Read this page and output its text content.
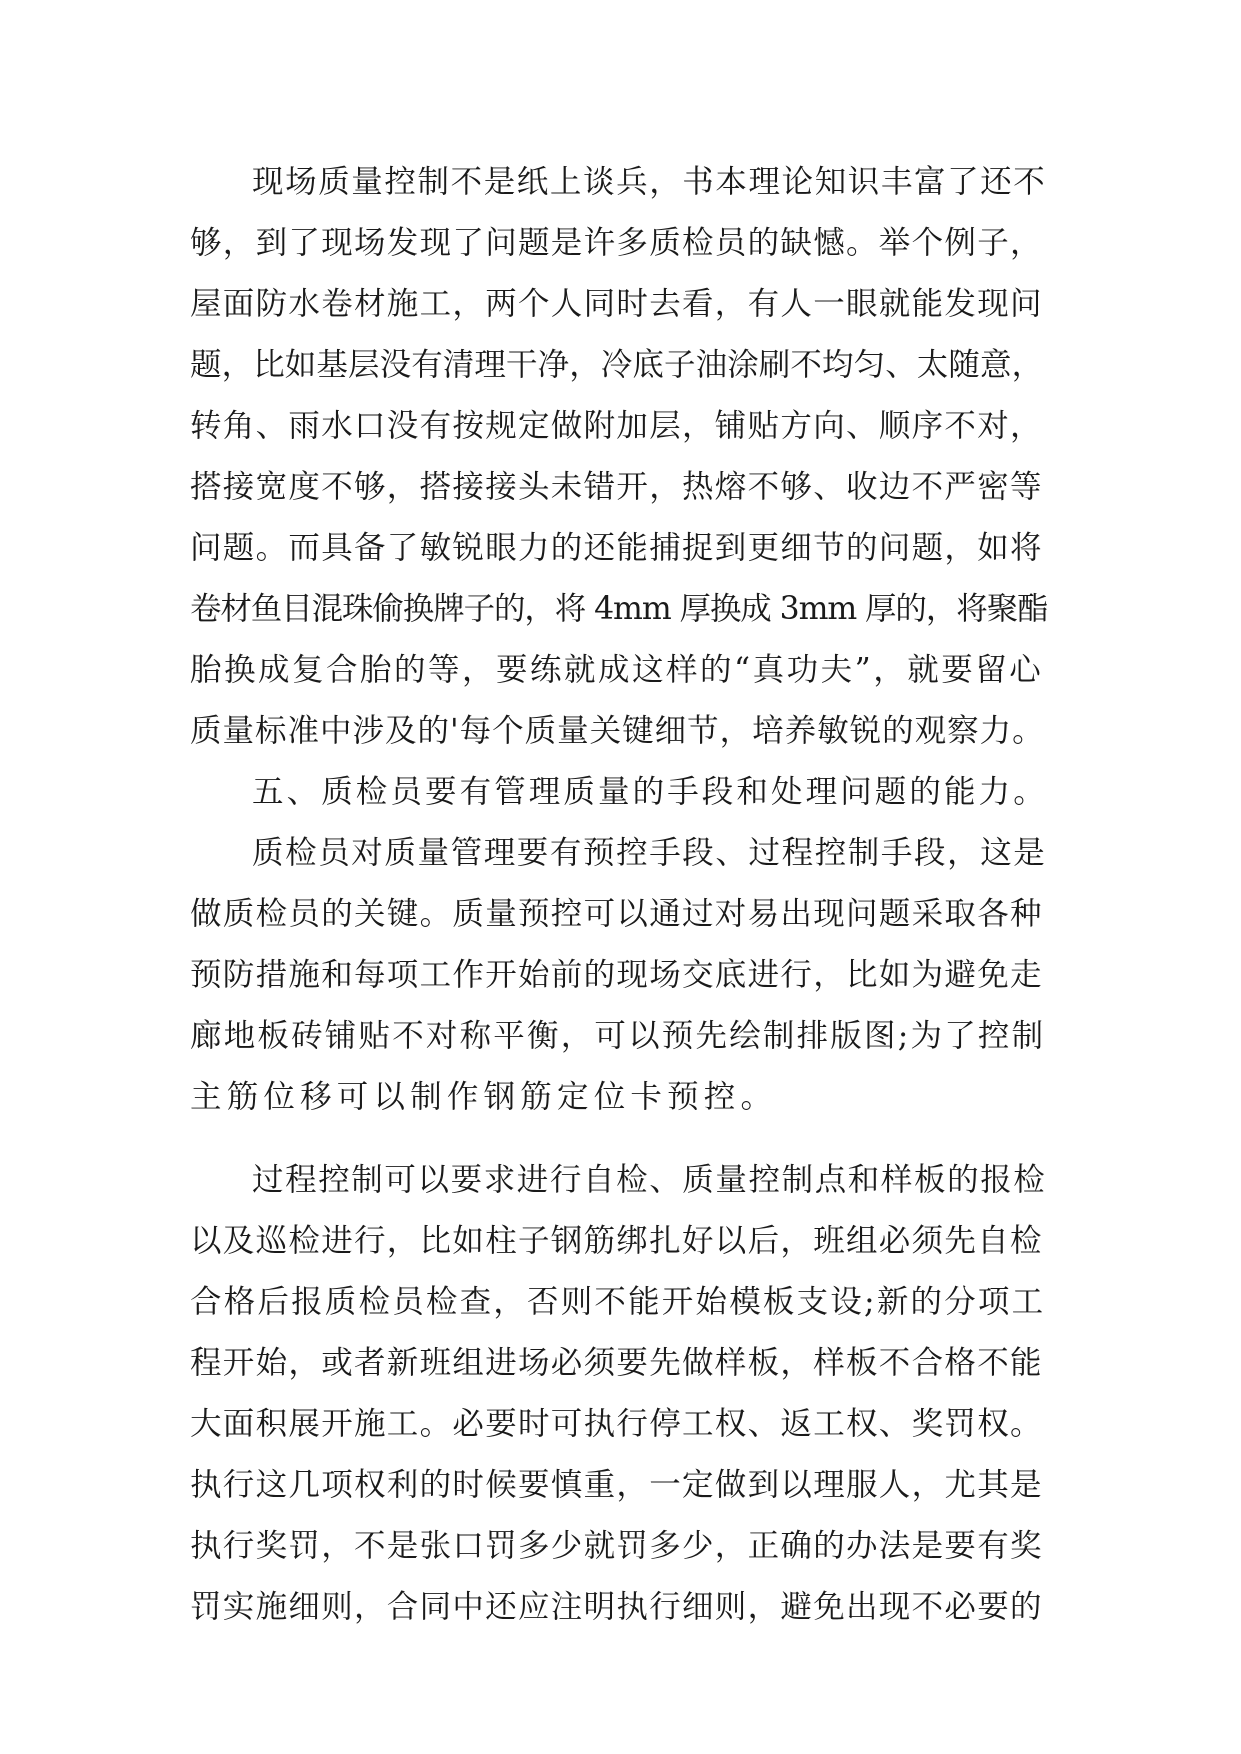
现场质量控制不是纸上谈兵，书本理论知识丰富了还不
够，到了现场发现了问题是许多质检员的缺憾。举个例子，
屋面防水卷材施工，两个人同时去看，有人一眼就能发现问
题，比如基层没有清理干净，冷底子油涂刷不均匀、太随意，
转角、雨水口没有按规定做附加层，铺贴方向、顺序不对，
搭接宽度不够，搭接接头未错开，热熔不够、收边不严密等
问题。而具备了敏锐眼力的还能捕捉到更细节的问题，如将
卷材鱼目混珠偷换牌子的，将 4mm 厚换成 3mm 厚的，将聚酯
胎换成复合胎的等，要练就成这样的“真功夫”，就要留心
质量标准中涉及的'每个质量关键细节，培养敏锐的观察力。
五、质检员要有管理质量的手段和处理问题的能力。
质检员对质量管理要有预控手段、过程控制手段，这是
做质检员的关键。质量预控可以通过对易出现问题采取各种
预防措施和每项工作开始前的现场交底进行，比如为避免走
廊地板砖铺贴不对称平衡，可以预先绘制排版图;为了控制
主筋位移可以制作钢筋定位卡预控。
过程控制可以要求进行自检、质量控制点和样板的报检
以及巡检进行，比如柱子钢筋绑扎好以后，班组必须先自检
合格后报质检员检查，否则不能开始模板支设;新的分项工
程开始，或者新班组进场必须要先做样板，样板不合格不能
大面积展开施工。必要时可执行停工权、返工权、奖罚权。
执行这几项权利的时候要慎重，一定做到以理服人，尤其是
执行奖罚，不是张口罚多少就罚多少，正确的办法是要有奖
罚实施细则，合同中还应注明执行细则，避免出现不必要的
